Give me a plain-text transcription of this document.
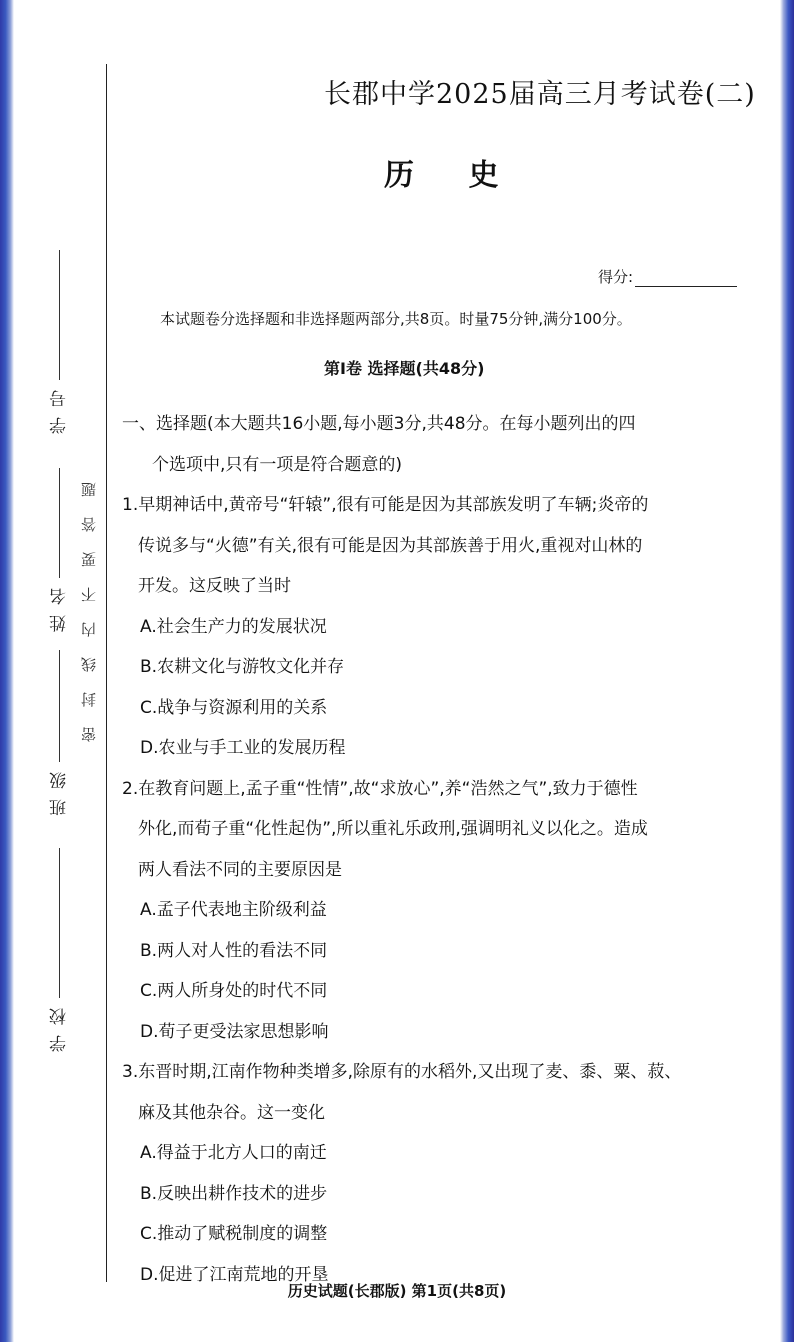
学号
姓名
班级
学校
密封线内不要答题
长郡中学2025届高三月考试卷(二)
历 史
得分:
本试题卷分选择题和非选择题两部分,共8页。时量75分钟,满分100分。
第Ⅰ卷 选择题(共48分)

一、选择题(本大题共16小题,每小题3分,共48分。在每小题列出的四
个选项中,只有一项是符合题意的)

1.早期神话中,黄帝号“轩辕”,很有可能是因为其部族发明了车辆;炎帝的
传说多与“火德”有关,很有可能是因为其部族善于用火,重视对山林的
开发。这反映了当时

A.社会生产力的发展状况

B.农耕文化与游牧文化并存

C.战争与资源利用的关系

D.农业与手工业的发展历程

2.在教育问题上,孟子重“性情”,故“求放心”,养“浩然之气”,致力于德性
外化,而荀子重“化性起伪”,所以重礼乐政刑,强调明礼义以化之。造成
两人看法不同的主要原因是

A.孟子代表地主阶级利益

B.两人对人性的看法不同

C.两人所身处的时代不同

D.荀子更受法家思想影响

3.东晋时期,江南作物种类增多,除原有的水稻外,又出现了麦、黍、粟、菽、
麻及其他杂谷。这一变化

A.得益于北方人口的南迁

B.反映出耕作技术的进步

C.推动了赋税制度的调整

D.促进了江南荒地的开垦

历史试题(长郡版) 第1页(共8页)
